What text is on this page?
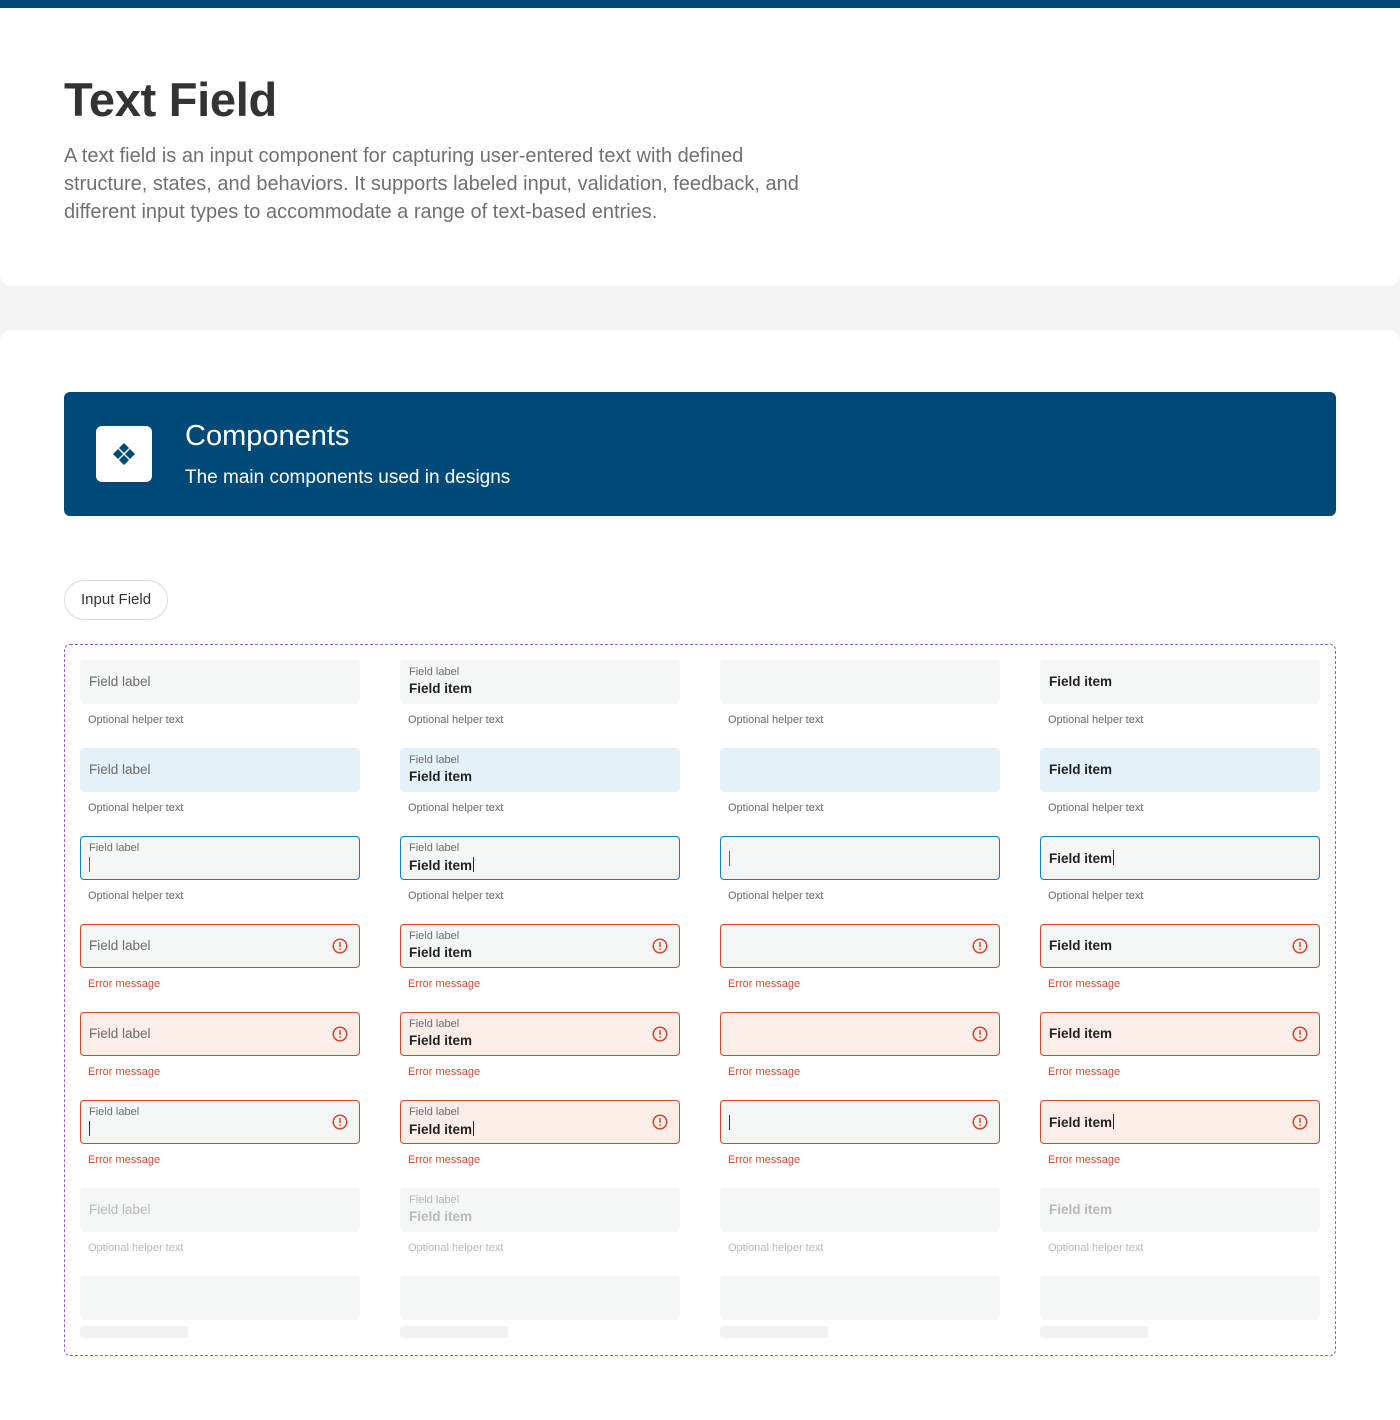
Text Field

A text field is an input component for capturing user-entered text with defined structure, states, and behaviors. It supports labeled input, validation, feedback, and different input types to accommodate a range of text-based entries.

Components
The main components used in designs
Input Field
Field label
Optional helper text
Field label
Field item
Optional helper text	Optional helper text
Field item
Optional helper text
Field label
Optional helper text
Field label
Field item
Optional helper text	Optional helper text
Field item
Optional helper text
Field label
Optional helper text
Field label
Field item
Optional helper text	Optional helper text
Field item
Optional helper text
Field label
Error message
Field label
Field item
Error message	Error message
Field item
Error message
Field label
Error message
Field label
Field item
Error message	Error message
Field item
Error message
Field label
Error message
Field label
Field item
Error message	Error message
Field item
Error message
Field label
Optional helper text
Field label
Field item
Optional helper text	Optional helper text
Field item
Optional helper text
